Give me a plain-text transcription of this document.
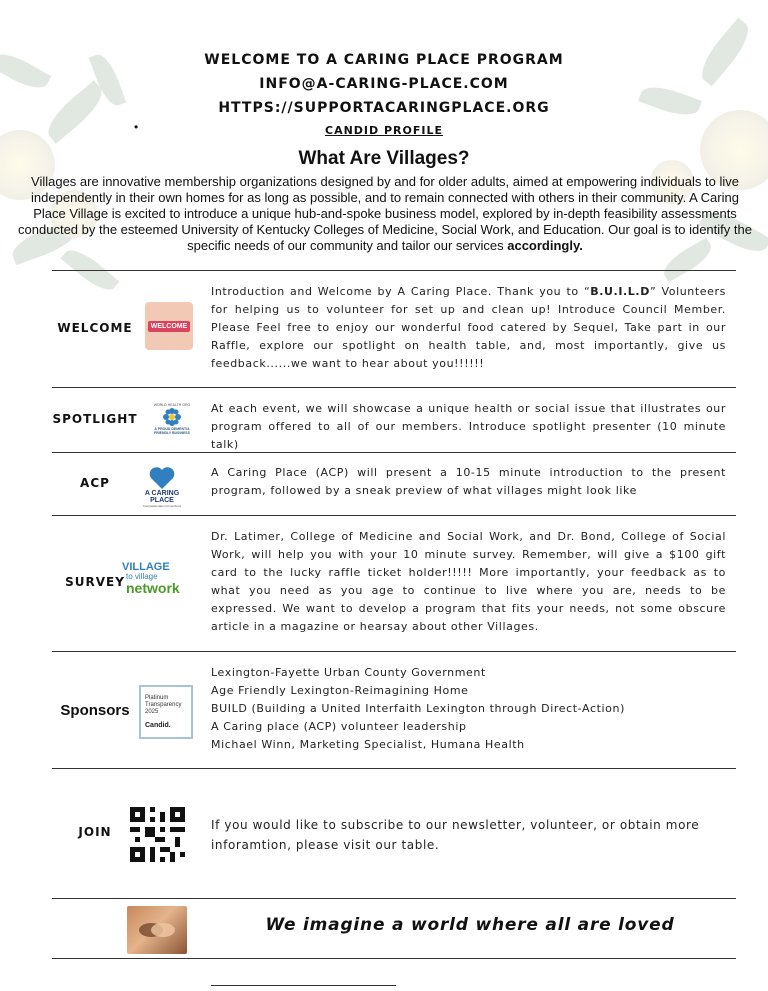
WELCOME TO A CARING PLACE PROGRAM
INFO@A-CARING-PLACE.COM
HTTPS://SUPPORTACARINGPLACE.ORG
CANDID PROFILE
•
What Are Villages?
Villages are innovative membership organizations designed by and for older adults, aimed at empowering individuals to live independently in their own homes for as long as possible, and to remain connected with others in their community. A Caring Place Village is excited to introduce a unique hub-and-spoke business model, explored by in-depth feasibility assessments conducted by the esteemed University of Kentucky Colleges of Medicine, Social Work, and Education. Our goal is to identify the specific needs of our community and tailor our services accordingly.
WELCOME	WELCOME
Introduction and Welcome by A Caring Place. Thank you to “B.U.I.L.D” Volunteers for helping us to volunteer for set up and clean up! Introduce Council Member. Please Feel free to enjoy our wonderful food catered by Sequel, Take part in our Raffle, explore our spotlight on health table, and, most importantly, give us feedback......we want to hear about you!!!!!!
SPOTLIGHT
WORLD HEALTH ORG
A PROUD DEMENTIA FRIENDLY BUSINESS
At each event, we will showcase a unique health or social issue that illustrates our program offered to all of our members. Introduce spotlight presenter (10 minute talk)
ACP
A CARING
PLACE
Compassionate Connections
A Caring Place (ACP) will present a 10-15 minute introduction to the present program, followed by a sneak preview of what villages might look like
SURVEY
VILLAGE
to village
network
Dr. Latimer, College of Medicine and Social Work, and Dr. Bond, College of Social Work, will help you with your 10 minute survey. Remember, will give a $100 gift card to the lucky raffle ticket holder!!!!! More importantly, your feedback as to what you need as you age to continue to live where you are, needs to be expressed. We want to develop a program that fits your needs, not some obscure article in a magazine or hearsay about other Villages.
Sponsors
Platinum
Transparency
2025
Candid.
Lexington-Fayette Urban County Government
Age Friendly Lexington-Reimagining Home
BUILD (Building a United Interfaith Lexington through Direct-Action)
A Caring place (ACP) volunteer leadership
Michael Winn, Marketing Specialist, Humana Health
JOIN	If you would like to subscribe to our newsletter, volunteer, or obtain more inforamtion, please visit our table.
We imagine a world where all are loved
